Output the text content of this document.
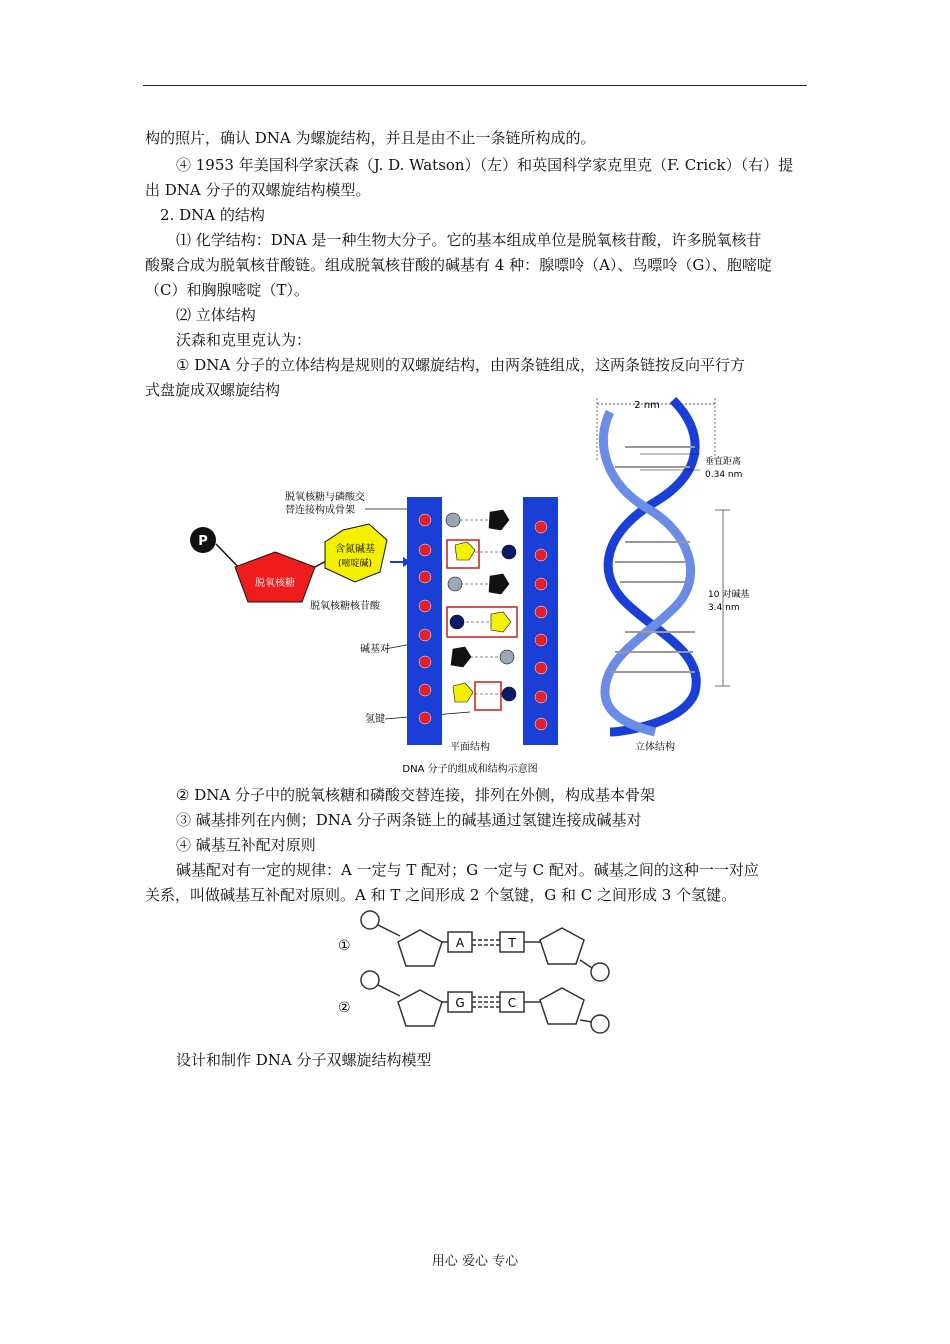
构的照片，确认 DNA 为螺旋结构，并且是由不止一条链所构成的。
④ 1953 年美国科学家沃森（J. D. Watson）（左）和英国科学家克里克（F. Crick）（右）提
出 DNA 分子的双螺旋结构模型。
2. DNA 的结构
⑴ 化学结构：DNA 是一种生物大分子。它的基本组成单位是脱氧核苷酸，许多脱氧核苷
酸聚合成为脱氧核苷酸链。组成脱氧核苷酸的碱基有 4 种：腺嘌呤（A）、鸟嘌呤（G）、胞嘧啶
（C）和胸腺嘧啶（T）。
⑵ 立体结构
沃森和克里克认为：
① DNA 分子的立体结构是规则的双螺旋结构，由两条链组成，这两条链按反向平行方
式盘旋成双螺旋结构
P
脱氧核糖
含氮碱基
(嘧啶碱)
脱氧核糖核苷酸
脱氧核糖与磷酸交
替连接构成骨架
碱基对
氢键
平面结构
DNA 分子的组成和结构示意图
2 nm
垂直距离
0.34 nm
10 对碱基
3.4 nm
立体结构
② DNA 分子中的脱氧核糖和磷酸交替连接，排列在外侧，构成基本骨架
③ 碱基排列在内侧；DNA 分子两条链上的碱基通过氢键连接成碱基对
④ 碱基互补配对原则
碱基配对有一定的规律：A 一定与 T 配对；G 一定与 C 配对。碱基之间的这种一一对应
关系，叫做碱基互补配对原则。A 和 T 之间形成 2 个氢键，G 和 C 之间形成 3 个氢键。
①	A	T
②	G	C
设计和制作 DNA 分子双螺旋结构模型
用心 爱心 专心
